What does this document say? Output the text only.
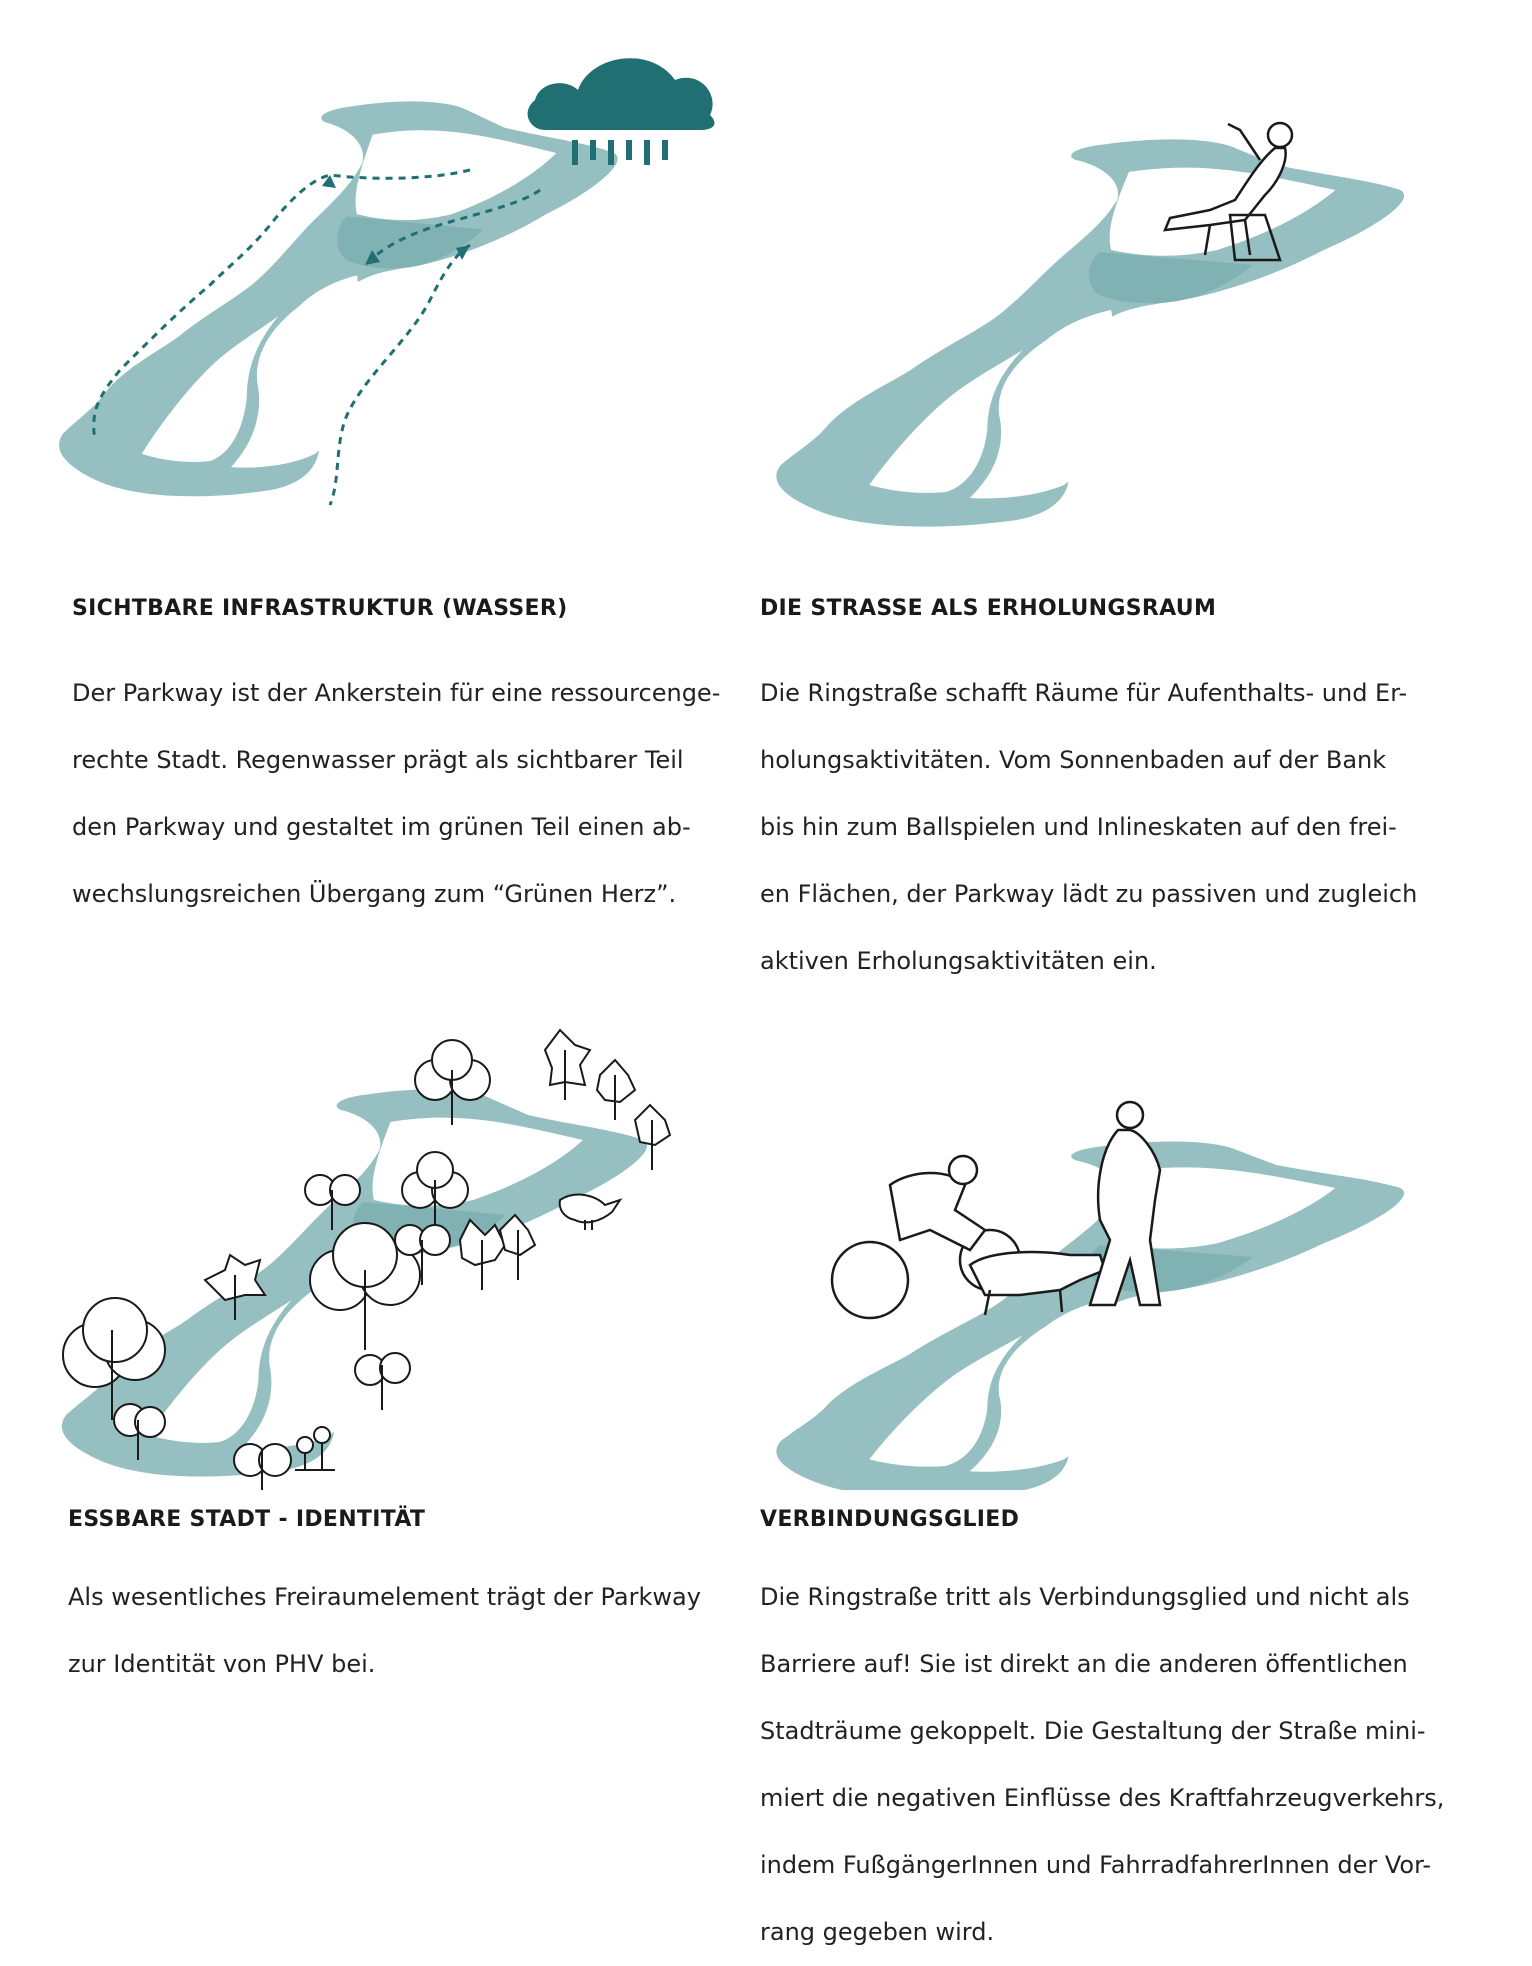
SICHTBARE INFRASTRUKTUR (WASSER)
Der Parkway ist der Ankerstein für eine ressourcenge-
rechte Stadt. Regenwasser prägt als sichtbarer Teil
den Parkway und gestaltet im grünen Teil einen ab-
wechslungsreichen Übergang zum “Grünen Herz”.
DIE STRASSE ALS ERHOLUNGSRAUM
Die Ringstraße schafft Räume für Aufenthalts- und Er-
holungsaktivitäten. Vom Sonnenbaden auf der Bank
bis hin zum Ballspielen und Inlineskaten auf den frei-
en Flächen, der Parkway lädt zu passiven und zugleich
aktiven Erholungsaktivitäten ein.
ESSBARE STADT - IDENTITÄT
Als wesentliches Freiraumelement trägt der Parkway
zur Identität von PHV bei.
VERBINDUNGSGLIED
Die Ringstraße tritt als Verbindungsglied und nicht als
Barriere auf! Sie ist direkt an die anderen öffentlichen
Stadträume gekoppelt. Die Gestaltung der Straße mini-
miert die negativen Einflüsse des Kraftfahrzeugverkehrs,
indem FußgängerInnen und FahrradfahrerInnen der Vor-
rang gegeben wird.
